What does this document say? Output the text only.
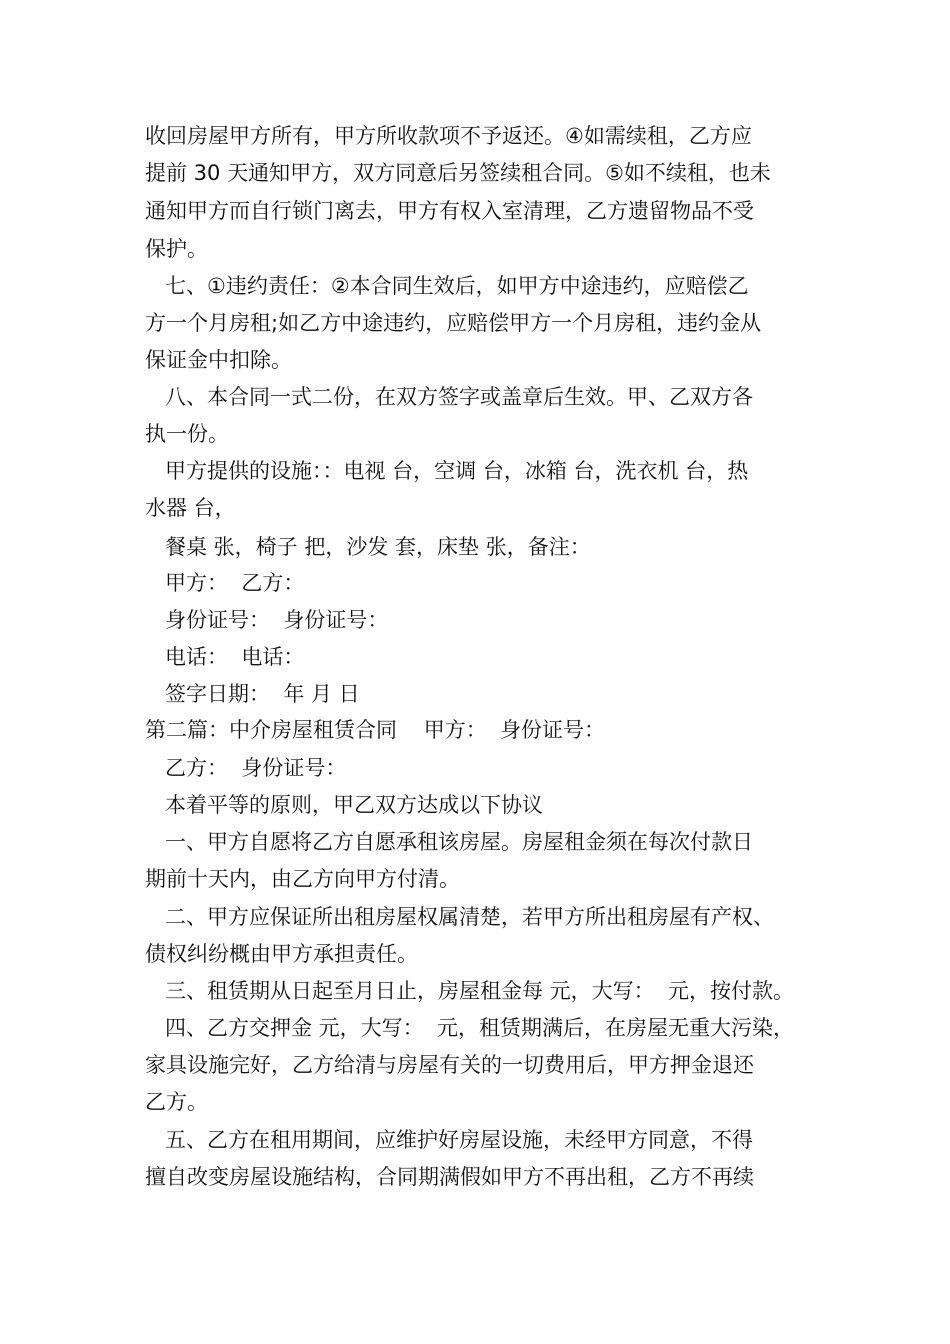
收回房屋甲方所有，甲方所收款项不予返还。④如需续租，乙方应
提前 30 天通知甲方，双方同意后另签续租合同。⑤如不续租，也未
通知甲方而自行锁门离去，甲方有权入室清理，乙方遗留物品不受
保护。
七、①违约责任：②本合同生效后，如甲方中途违约，应赔偿乙
方一个月房租;如乙方中途违约，应赔偿甲方一个月房租，违约金从
保证金中扣除。
八、本合同一式二份，在双方签字或盖章后生效。甲、乙双方各
执一份。
甲方提供的设施：：电视 台，空调 台，冰箱 台，洗衣机 台，热
水器 台，
餐桌 张，椅子 把，沙发 套，床垫 张，备注：
甲方：  乙方：
身份证号：  身份证号：
电话：  电话：
签字日期：  年 月 日
第二篇：中介房屋租赁合同    甲方：  身份证号：
乙方：  身份证号：
本着平等的原则，甲乙双方达成以下协议
一、甲方自愿将乙方自愿承租该房屋。房屋租金须在每次付款日
期前十天内，由乙方向甲方付清。
二、甲方应保证所出租房屋权属清楚，若甲方所出租房屋有产权、
债权纠纷概由甲方承担责任。
三、租赁期从日起至月日止，房屋租金每 元，大写：  元，按付款。
四、乙方交押金 元，大写：  元，租赁期满后，在房屋无重大污染，
家具设施完好，乙方给清与房屋有关的一切费用后，甲方押金退还
乙方。
五、乙方在租用期间，应维护好房屋设施，未经甲方同意，不得
擅自改变房屋设施结构，合同期满假如甲方不再出租，乙方不再续
